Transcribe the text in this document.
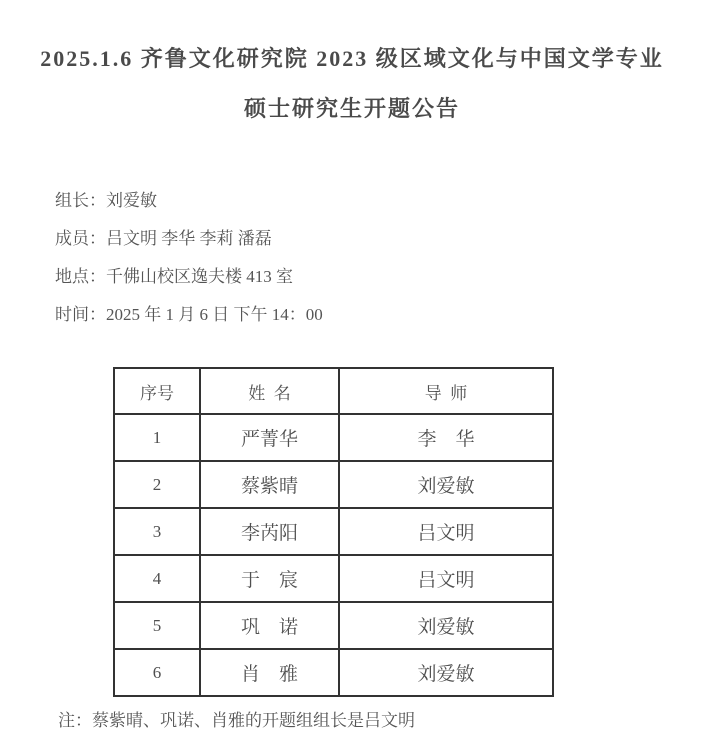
2025.1.6 齐鲁文化研究院 2023 级区域文化与中国文学专业
硕士研究生开题公告
组长：刘爱敏
成员：吕文明 李华 李莉 潘磊
地点：千佛山校区逸夫楼 413 室
时间：2025 年 1 月 6 日 下午 14：00
序号	姓 名	导 师
1	严菁华	李　华
2	蔡紫晴	刘爱敏
3	李芮阳	吕文明
4	于　宸	吕文明
5	巩　诺	刘爱敏
6	肖　雅	刘爱敏
注：蔡紫晴、巩诺、肖雅的开题组组长是吕文明
